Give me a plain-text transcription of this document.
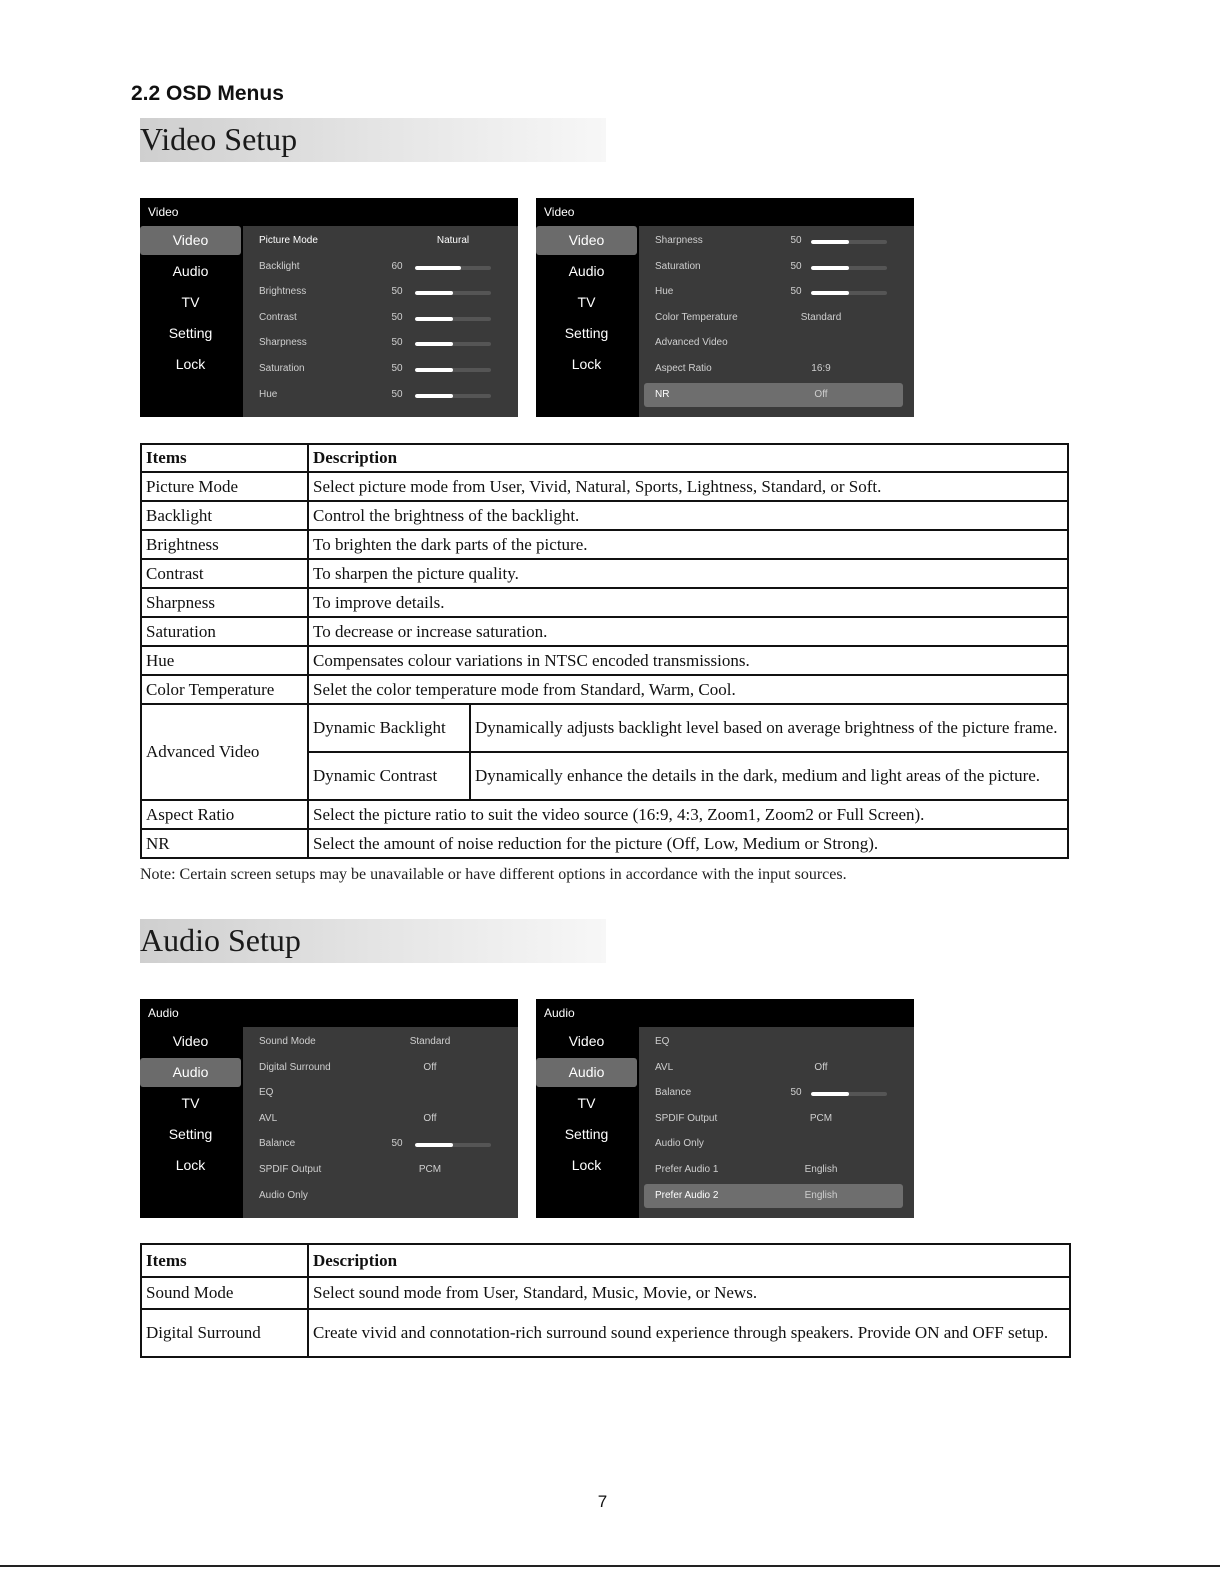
2.2 OSD Menus
Video Setup
Video
Video
Audio
TV
Setting
Lock
Picture Mode	Natural
Backlight	60
Brightness	50
Contrast	50
Sharpness	50
Saturation	50
Hue	50
Video
Video
Audio
TV
Setting
Lock
Sharpness	50
Saturation	50
Hue	50
Color Temperature	Standard
Advanced Video
Aspect Ratio	16:9
NR	Off
Items	Description	
Picture Mode	Select picture mode from User, Vivid, Natural, Sports, Lightness, Standard, or Soft.	
Backlight	Control the brightness of the backlight.	
Brightness	To brighten the dark parts of the picture.	
Contrast	To sharpen the picture quality.	
Sharpness	To improve details.	
Saturation	To decrease or increase saturation.	
Hue	Compensates colour variations in NTSC encoded transmissions.	
Color Temperature	Selet the color temperature mode from Standard, Warm, Cool.	
Advanced Video	Dynamic Backlight	Dynamically adjusts backlight level based on average brightness of the picture frame.
	Dynamic Contrast	Dynamically enhance the details in the dark, medium and light areas of the picture.
Aspect Ratio	Select the picture ratio to suit the video source (16:9, 4:3, Zoom1, Zoom2 or Full Screen).	
NR	Select the amount of noise reduction for the picture (Off, Low, Medium or Strong).	
Note: Certain screen setups may be unavailable or have different options in accordance with the input sources.
Audio Setup
Audio
Video
Audio
TV
Setting
Lock
Sound Mode	Standard
Digital Surround	Off
EQ
AVL	Off
Balance	50
SPDIF Output	PCM
Audio Only
Audio
Video
Audio
TV
Setting
Lock
EQ
AVL	Off
Balance	50
SPDIF Output	PCM
Audio Only
Prefer Audio 1	English
Prefer Audio 2	English
Items	Description
Sound Mode	Select sound mode from User, Standard, Music, Movie, or News.
Digital Surround	Create vivid and connotation-rich surround sound experience through speakers. Provide ON and OFF setup.
7
